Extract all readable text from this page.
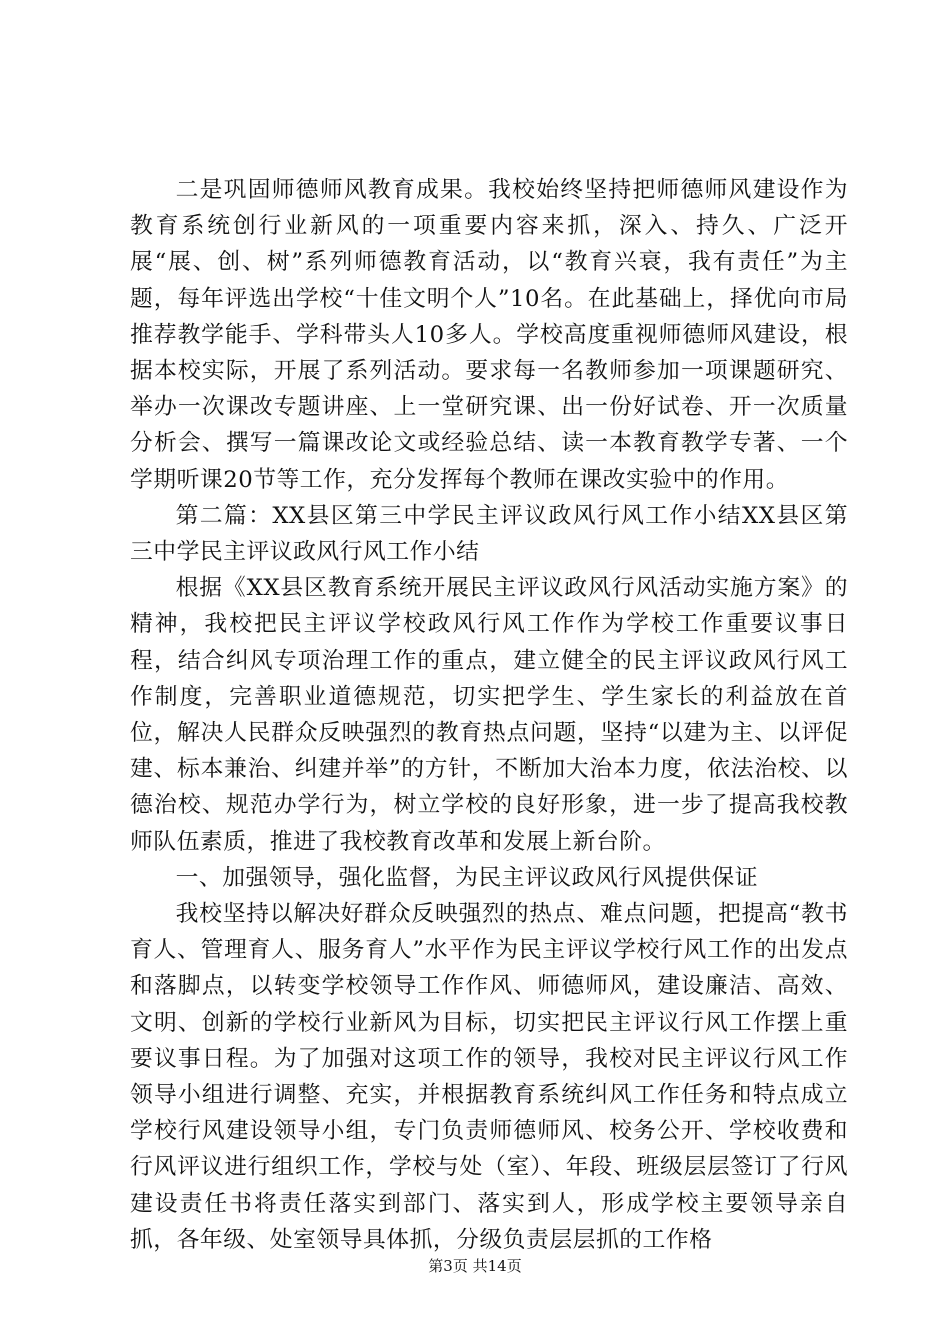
二是巩固师德师风教育成果。我校始终坚持把师德师风建设作为教育系统创行业新风的一项重要内容来抓，深入、持久、广泛开展“展、创、树”系列师德教育活动，以“教育兴衰，我有责任”为主题，每年评选出学校“十佳文明个人”10名。在此基础上，择优向市局推荐教学能手、学科带头人10多人。学校高度重视师德师风建设，根据本校实际，开展了系列活动。要求每一名教师参加一项课题研究、举办一次课改专题讲座、上一堂研究课、出一份好试卷、开一次质量分析会、撰写一篇课改论文或经验总结、读一本教育教学专著、一个学期听课20节等工作，充分发挥每个教师在课改实验中的作用。

第二篇：XX县区第三中学民主评议政风行风工作小结XX县区第三中学民主评议政风行风工作小结

根据《XX县区教育系统开展民主评议政风行风活动实施方案》的精神，我校把民主评议学校政风行风工作作为学校工作重要议事日程，结合纠风专项治理工作的重点，建立健全的民主评议政风行风工作制度，完善职业道德规范，切实把学生、学生家长的利益放在首位，解决人民群众反映强烈的教育热点问题，坚持“以建为主、以评促建、标本兼治、纠建并举”的方针，不断加大治本力度，依法治校、以德治校、规范办学行为，树立学校的良好形象，进一步了提高我校教师队伍素质，推进了我校教育改革和发展上新台阶。

一、加强领导，强化监督，为民主评议政风行风提供保证

我校坚持以解决好群众反映强烈的热点、难点问题，把提高“教书育人、管理育人、服务育人”水平作为民主评议学校行风工作的出发点和落脚点，以转变学校领导工作作风、师德师风，建设廉洁、高效、文明、创新的学校行业新风为目标，切实把民主评议行风工作摆上重要议事日程。为了加强对这项工作的领导，我校对民主评议行风工作领导小组进行调整、充实，并根据教育系统纠风工作任务和特点成立学校行风建设领导小组，专门负责师德师风、校务公开、学校收费和行风评议进行组织工作，学校与处（室）、年段、班级层层签订了行风建设责任书将责任落实到部门、落实到人，形成学校主要领导亲自抓，各年级、处室领导具体抓，分级负责层层抓的工作格

第3页 共14页
